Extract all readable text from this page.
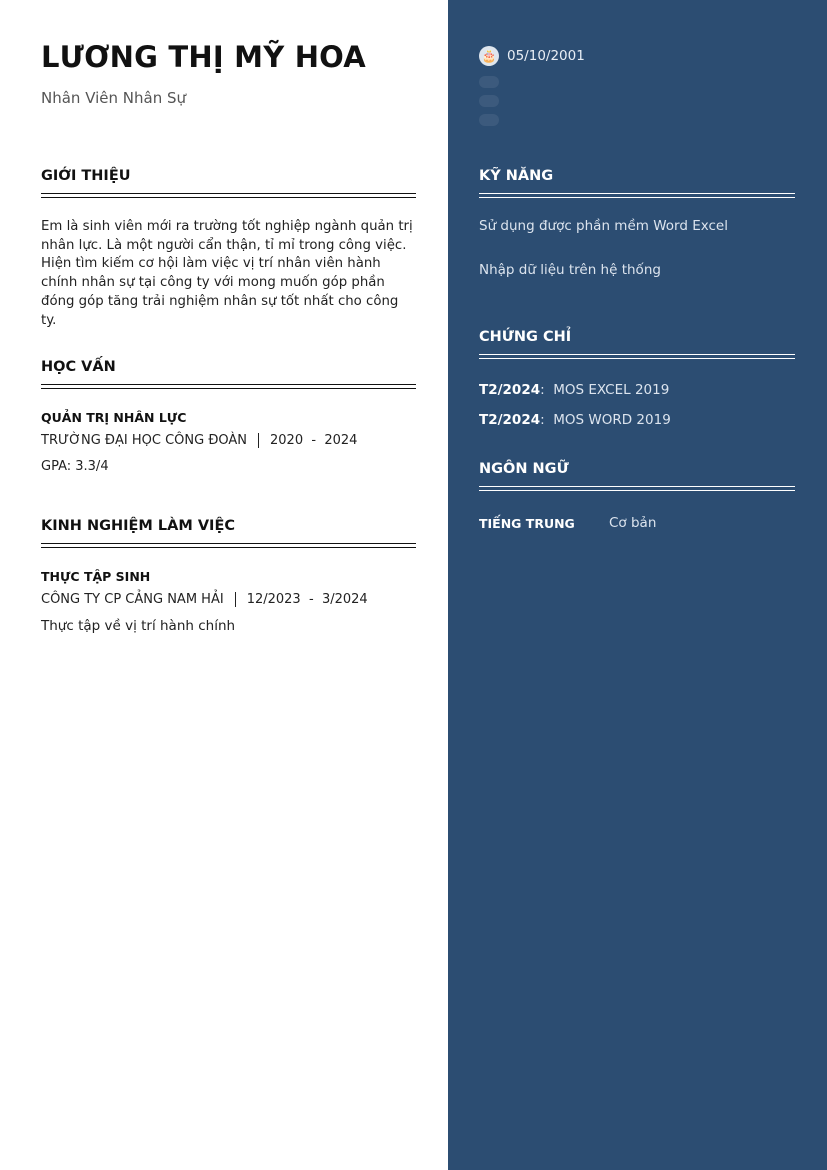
LƯƠNG THỊ MỸ HOA
Nhân Viên Nhân Sự
GIỚI THIỆU
Em là sinh viên mới ra trường tốt nghiệp ngành quản trị nhân lực. Là một người cẩn thận, tỉ mỉ trong công việc. Hiện tìm kiếm cơ hội làm việc vị trí nhân viên hành chính nhân sự tại công ty với mong muốn góp phần đóng góp tăng trải nghiệm nhân sự tốt nhất cho công ty.
HỌC VẤN
QUẢN TRỊ NHÂN LỰC
TRƯỜNG ĐẠI HỌC CÔNG ĐOÀN 2020 - 2024
GPA: 3.3/4
KINH NGHIỆM LÀM VIỆC
THỰC TẬP SINH
CÔNG TY CP CẢNG NAM HẢI 12/2023 - 3/2024
Thực tập về vị trí hành chính
🎂 05/10/2001
KỸ NĂNG
Sử dụng được phần mềm Word Excel
Nhập dữ liệu trên hệ thống
CHỨNG CHỈ
T2/2024:  MOS EXCEL 2019
T2/2024:  MOS WORD 2019
NGÔN NGỮ
TIẾNG TRUNG	Cơ bản
